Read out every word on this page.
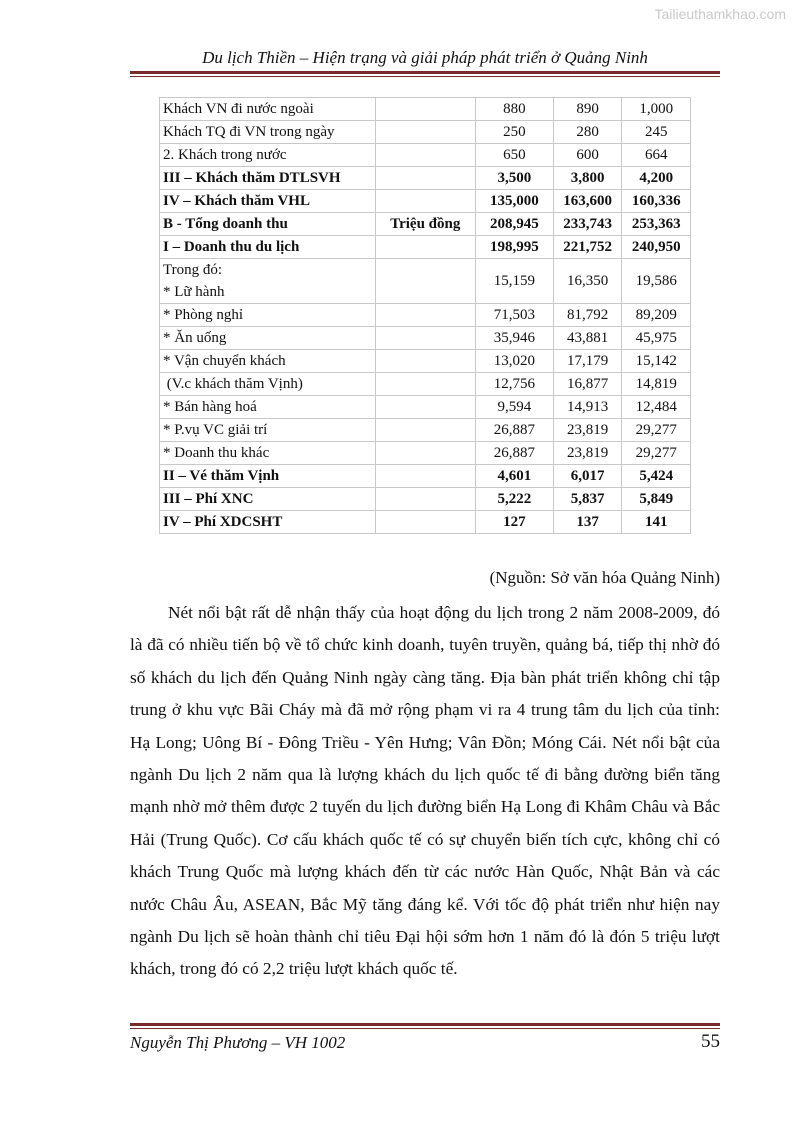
Tailieuthamkhao.com
Du lịch Thiền – Hiện trạng và giải pháp phát triển ở Quảng Ninh
Khách VN đi nước ngoài		880	890	1,000
Khách TQ đi VN trong ngày		250	280	245
2. Khách trong nước		650	600	664
III – Khách thăm DTLSVH		3,500	3,800	4,200
IV – Khách thăm VHL		135,000	163,600	160,336
B - Tổng doanh thu	Triệu đồng	208,945	233,743	253,363
I – Doanh thu du lịch		198,995	221,752	240,950

Trong đó:
* Lữ hành		15,159	16,350	19,586
* Phòng nghỉ		71,503	81,792	89,209
* Ăn uống		35,946	43,881	45,975
* Vận chuyển khách		13,020	17,179	15,142
(V.c khách thăm Vịnh)		12,756	16,877	14,819
* Bán hàng hoá		9,594	14,913	12,484
* P.vụ VC giải trí		26,887	23,819	29,277
* Doanh thu khác		26,887	23,819	29,277
II – Vé thăm Vịnh		4,601	6,017	5,424
III – Phí XNC		5,222	5,837	5,849
IV – Phí XDCSHT		127	137	141
(Nguồn: Sở văn hóa Quảng Ninh)

Nét nổi bật rất dễ nhận thấy của hoạt động du lịch trong 2 năm 2008-2009, đó là đã có nhiều tiến bộ về tổ chức kinh doanh, tuyên truyền, quảng bá, tiếp thị nhờ đó số khách du lịch đến Quảng Ninh ngày càng tăng. Địa bàn phát triển không chỉ tập trung ở khu vực Bãi Cháy mà đã mở rộng phạm vi ra 4 trung tâm du lịch của tỉnh: Hạ Long; Uông Bí - Đông Triều - Yên Hưng; Vân Đồn; Móng Cái. Nét nổi bật của ngành Du lịch 2 năm qua là lượng khách du lịch quốc tế đi bằng đường biển tăng mạnh nhờ mở thêm được 2 tuyến du lịch đường biển Hạ Long đi Khâm Châu và Bắc Hải (Trung Quốc). Cơ cấu khách quốc tế có sự chuyển biến tích cực, không chỉ có khách Trung Quốc mà lượng khách đến từ các nước Hàn Quốc, Nhật Bản và các nước Châu Âu, ASEAN, Bắc Mỹ tăng đáng kể. Với tốc độ phát triển như hiện nay ngành Du lịch sẽ hoàn thành chỉ tiêu Đại hội sớm hơn 1 năm đó là đón 5 triệu lượt khách, trong đó có 2,2 triệu lượt khách quốc tế.

Nguyễn Thị Phương – VH 1002	55
